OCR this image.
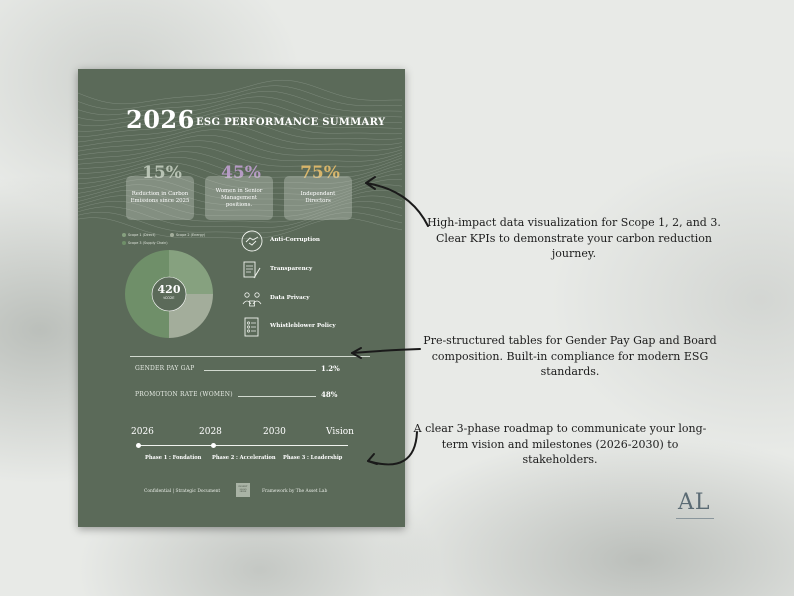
2026 ESG PERFORMANCE SUMMARY
15%
Reduction in Carbon
Emissions since 2025
45%
Women in Senior
Management positions.
75%
Independant
Directors
Scope 1 (Direct)	Scope 2 (Energy)
Scope 3 (Supply Chain)
420
tCO2E
Anti-Corruption
Transparency
Data Privacy
Whistleblower Policy
GENDER PAY GAP	1.2%
PROMOTION RATE (WOMEN)	48%
2026	2028	2030	Vision
Phase 1 : Fondation Phase 2 : Acceleration Phase 3 : Leadership
Confidential | Strategic Document
INSERT
LOGO
HERE	Framework by The Asset Lab
High-impact data visualization for Scope 1, 2, and 3.
Clear KPIs to demonstrate your carbon reduction
journey.
Pre-structured tables for Gender Pay Gap and Board
composition. Built-in compliance for modern ESG
standards.
A clear 3-phase roadmap to communicate your long-
term vision and milestones (2026-2030) to
stakeholders.
AL
